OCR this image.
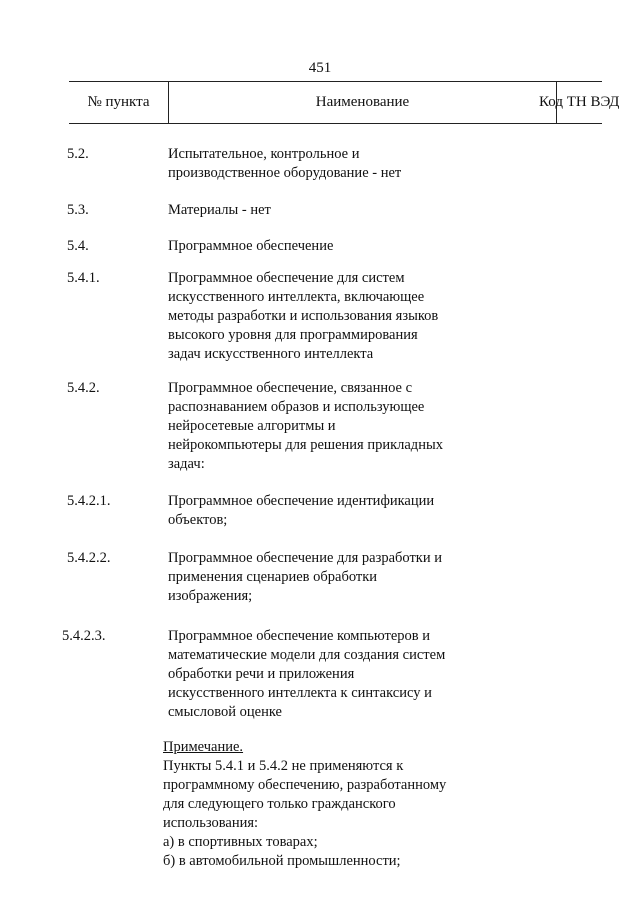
451
№ пункта	Наименование	Код ТН ВЭД
5.2.	Испытательное, контрольное и
производственное оборудование - нет
5.3.	Материалы - нет
5.4.	Программное обеспечение
5.4.1.	Программное обеспечение для систем
искусственного интеллекта, включающее
методы разработки и использования языков
высокого уровня для программирования
задач искусственного интеллекта
5.4.2.	Программное обеспечение, связанное с
распознаванием образов и использующее
нейросетевые алгоритмы и
нейрокомпьютеры для решения прикладных
задач:
5.4.2.1.	Программное обеспечение идентификации
объектов;
5.4.2.2.	Программное обеспечение для разработки и
применения сценариев обработки
изображения;
5.4.2.3.	Программное обеспечение компьютеров и
математические модели для создания систем
обработки речи и приложения
искусственного интеллекта к синтаксису и
смысловой оценке
Примечание.
Пункты 5.4.1 и 5.4.2 не применяются к
программному обеспечению, разработанному
для следующего только гражданского
использования:
а) в спортивных товарах;
б) в автомобильной промышленности;
